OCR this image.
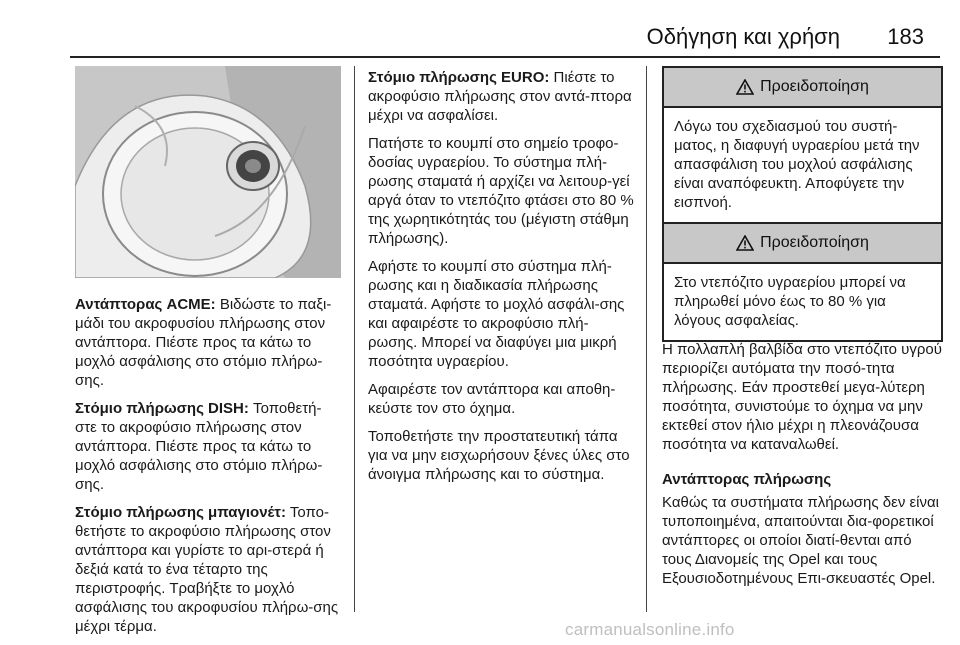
Οδήγηση και χρήση 183

Αντάπτορας ACME: Βιδώστε το παξι-μάδι του ακροφυσίου πλήρωσης στον αντάπτορα. Πιέστε προς τα κάτω το μοχλό ασφάλισης στο στόμιο πλήρω-σης.

Στόμιο πλήρωσης DISH: Τοποθετή-στε το ακροφύσιο πλήρωσης στον αντάπτορα. Πιέστε προς τα κάτω το μοχλό ασφάλισης στο στόμιο πλήρω-σης.

Στόμιο πλήρωσης μπαγιονέτ: Τοπο-θετήστε το ακροφύσιο πλήρωσης στον αντάπτορα και γυρίστε το αρι-στερά ή δεξιά κατά το ένα τέταρτο της περιστροφής. Τραβήξτε το μοχλό ασφάλισης του ακροφυσίου πλήρω-σης μέχρι τέρμα.

Στόμιο πλήρωσης EURO: Πιέστε το ακροφύσιο πλήρωσης στον αντά-πτορα μέχρι να ασφαλίσει.

Πατήστε το κουμπί στο σημείο τροφο-δοσίας υγραερίου. Το σύστημα πλή-ρωσης σταματά ή αρχίζει να λειτουρ-γεί αργά όταν το ντεπόζιτο φτάσει στο 80 % της χωρητικότητάς του (μέγιστη στάθμη πλήρωσης).

Αφήστε το κουμπί στο σύστημα πλή-ρωσης και η διαδικασία πλήρωσης σταματά. Αφήστε το μοχλό ασφάλι-σης και αφαιρέστε το ακροφύσιο πλή-ρωσης. Μπορεί να διαφύγει μια μικρή ποσότητα υγραερίου.

Αφαιρέστε τον αντάπτορα και αποθη-κεύστε τον στο όχημα.

Τοποθετήστε την προστατευτική τάπα για να μην εισχωρήσουν ξένες ύλες στο άνοιγμα πλήρωσης και το σύστημα.

Προειδοποίηση
Λόγω του σχεδιασμού του συστή-ματος, η διαφυγή υγραερίου μετά την απασφάλιση του μοχλού ασφάλισης είναι αναπόφευκτη. Αποφύγετε την εισπνοή.
Προειδοποίηση
Στο ντεπόζιτο υγραερίου μπορεί να πληρωθεί μόνο έως το 80 % για λόγους ασφαλείας.

Η πολλαπλή βαλβίδα στο ντεπόζιτο υγρού περιορίζει αυτόματα την ποσό-τητα πλήρωσης. Εάν προστεθεί μεγα-λύτερη ποσότητα, συνιστούμε το όχημα να μην εκτεθεί στον ήλιο μέχρι η πλεονάζουσα ποσότητα να καταναλωθεί.

Αντάπτορας πλήρωσης

Καθώς τα συστήματα πλήρωσης δεν είναι τυποποιημένα, απαιτούνται δια-φορετικοί αντάπτορες οι οποίοι διατί-θενται από τους Διανομείς της Opel και τους Εξουσιοδοτημένους Επι-σκευαστές Opel.

carmanualsonline.info
